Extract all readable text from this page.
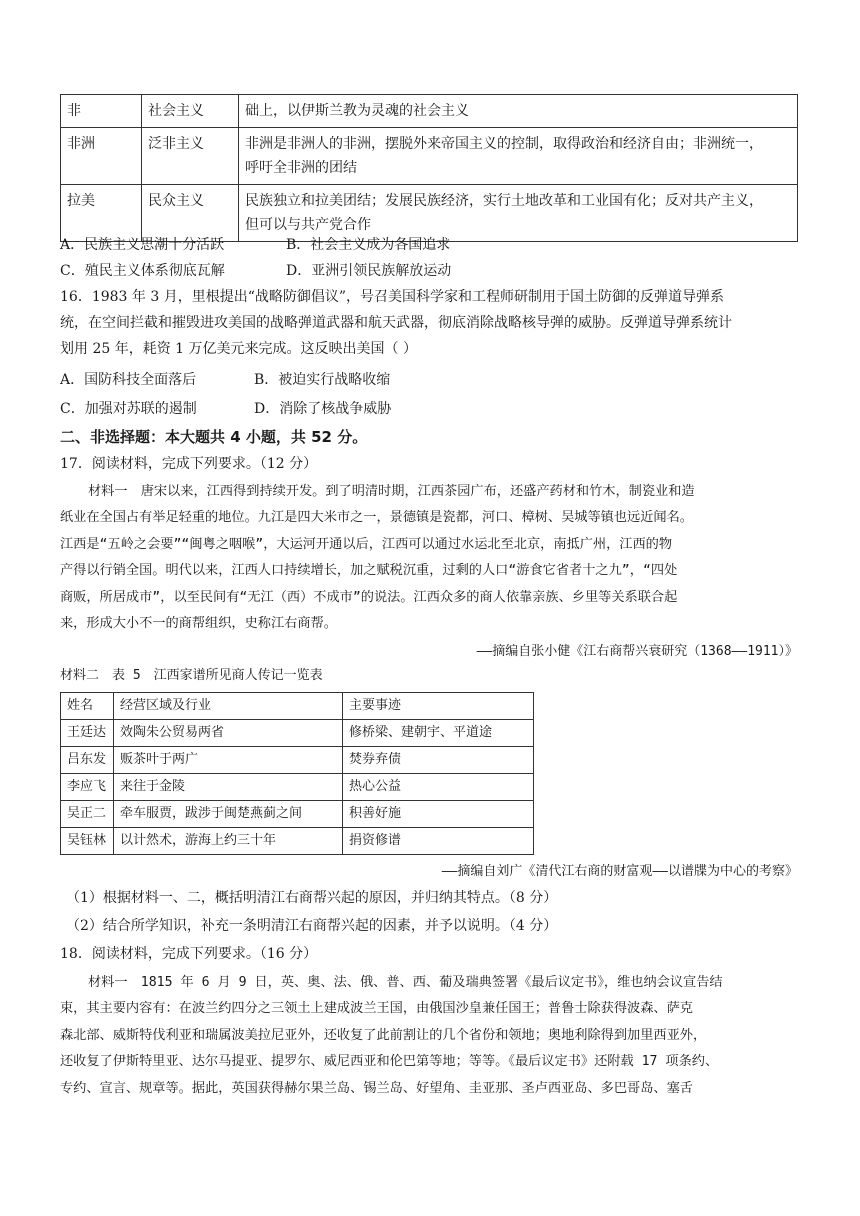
非	社会主义	础上，以伊斯兰教为灵魂的社会主义
非洲	泛非主义	非洲是非洲人的非洲，摆脱外来帝国主义的控制，取得政治和经济自由；非洲统一，
呼吁全非洲的团结

拉美	民众主义	民族独立和拉美团结；发展民族经济，实行土地改革和工业国有化；反对共产主义，
但可以与共产党合作
A．民族主义思潮十分活跃	B．社会主义成为各国追求
C．殖民主义体系彻底瓦解	D．亚洲引领民族解放运动
16．1983 年 3 月，里根提出“战略防御倡议”，号召美国科学家和工程师研制用于国土防御的反弹道导弹系
统，在空间拦截和摧毁进攻美国的战略弹道武器和航天武器，彻底消除战略核导弹的威胁。反弹道导弹系统计
划用 25 年，耗资 1 万亿美元来完成。这反映出美国（ ）
A．国防科技全面落后	B．被迫实行战略收缩
C．加强对苏联的遏制	D．消除了核战争威胁
二、非选择题：本大题共 4 小题，共 52 分。
17．阅读材料，完成下列要求。（12 分）
材料一　唐宋以来，江西得到持续开发。到了明清时期，江西茶园广布，还盛产药材和竹木，制瓷业和造
纸业在全国占有举足轻重的地位。九江是四大米市之一，景德镇是瓷都，河口、樟树、吴城等镇也远近闻名。
江西是“五岭之会要”“闽粤之咽喉”，大运河开通以后，江西可以通过水运北至北京，南抵广州，江西的物
产得以行销全国。明代以来，江西人口持续增长，加之赋税沉重，过剩的人口“游食它省者十之九”，“四处
商贩，所居成市”，以至民间有“无江（西）不成市”的说法。江西众多的商人依靠亲族、乡里等关系联合起
来，形成大小不一的商帮组织，史称江右商帮。
——摘编自张小健《江右商帮兴衰研究（1368——1911）》
材料二　表 5　江西家谱所见商人传记一览表
姓名	经营区域及行业	主要事迹
王廷达	效陶朱公贸易两省	修桥梁、建朝宇、平道途
吕东发	贩茶叶于两广	焚券弃债
李应飞	来往于金陵	热心公益
吴正二	牵车服贾，跋涉于闽楚燕蓟之间	积善好施
吴钰林	以计然术，游海上约三十年	捐资修谱
——摘编自刘广《清代江右商的财富观——以谱牒为中心的考察》
（1）根据材料一、二，概括明清江右商帮兴起的原因，并归纳其特点。（8 分）
（2）结合所学知识，补充一条明清江右商帮兴起的因素，并予以说明。（4 分）
18．阅读材料，完成下列要求。（16 分）
材料一　1815 年 6 月 9 日，英、奥、法、俄、普、西、葡及瑞典签署《最后议定书》，维也纳会议宣告结
束，其主要内容有：在波兰约四分之三领土上建成波兰王国，由俄国沙皇兼任国王；普鲁士除获得波森、萨克
森北部、威斯特伐利亚和瑞属波美拉尼亚外，还收复了此前割让的几个省份和领地；奥地利除得到加里西亚外，
还收复了伊斯特里亚、达尔马提亚、提罗尔、威尼西亚和伦巴第等地；等等。《最后议定书》还附载 17 项条约、
专约、宣言、规章等。据此，英国获得赫尔果兰岛、锡兰岛、好望角、圭亚那、圣卢西亚岛、多巴哥岛、塞舌
